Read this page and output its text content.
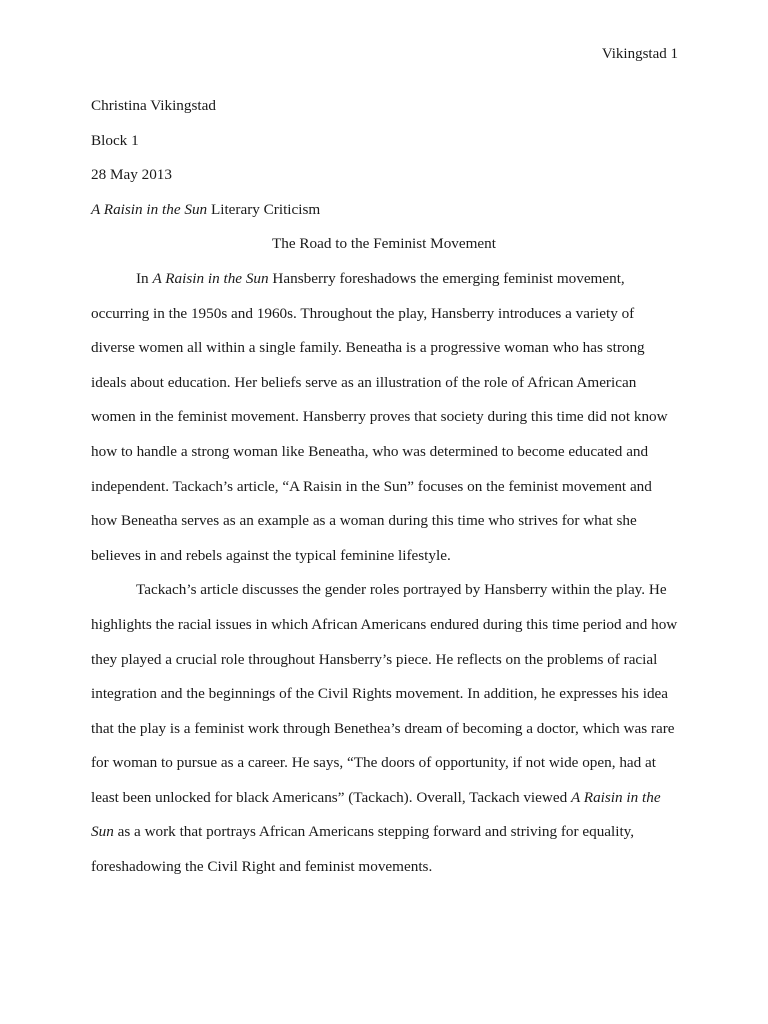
Vikingstad 1
Christina Vikingstad
Block 1
28 May 2013
A Raisin in the Sun Literary Criticism
The Road to the Feminist Movement
In A Raisin in the Sun Hansberry foreshadows the emerging feminist movement,
occurring in the 1950s and 1960s. Throughout the play, Hansberry introduces a variety of
diverse women all within a single family. Beneatha is a progressive woman who has strong
ideals about education. Her beliefs serve as an illustration of the role of African American
women in the feminist movement. Hansberry proves that society during this time did not know
how to handle a strong woman like Beneatha, who was determined to become educated and
independent. Tackach’s article, “A Raisin in the Sun” focuses on the feminist movement and
how Beneatha serves as an example as a woman during this time who strives for what she
believes in and rebels against the typical feminine lifestyle.
Tackach’s article discusses the gender roles portrayed by Hansberry within the play. He
highlights the racial issues in which African Americans endured during this time period and how
they played a crucial role throughout Hansberry’s piece. He reflects on the problems of racial
integration and the beginnings of the Civil Rights movement. In addition, he expresses his idea
that the play is a feminist work through Benethea’s dream of becoming a doctor, which was rare
for woman to pursue as a career. He says, “The doors of opportunity, if not wide open, had at
least been unlocked for black Americans” (Tackach). Overall, Tackach viewed A Raisin in the
Sun as a work that portrays African Americans stepping forward and striving for equality,
foreshadowing the Civil Right and feminist movements.
